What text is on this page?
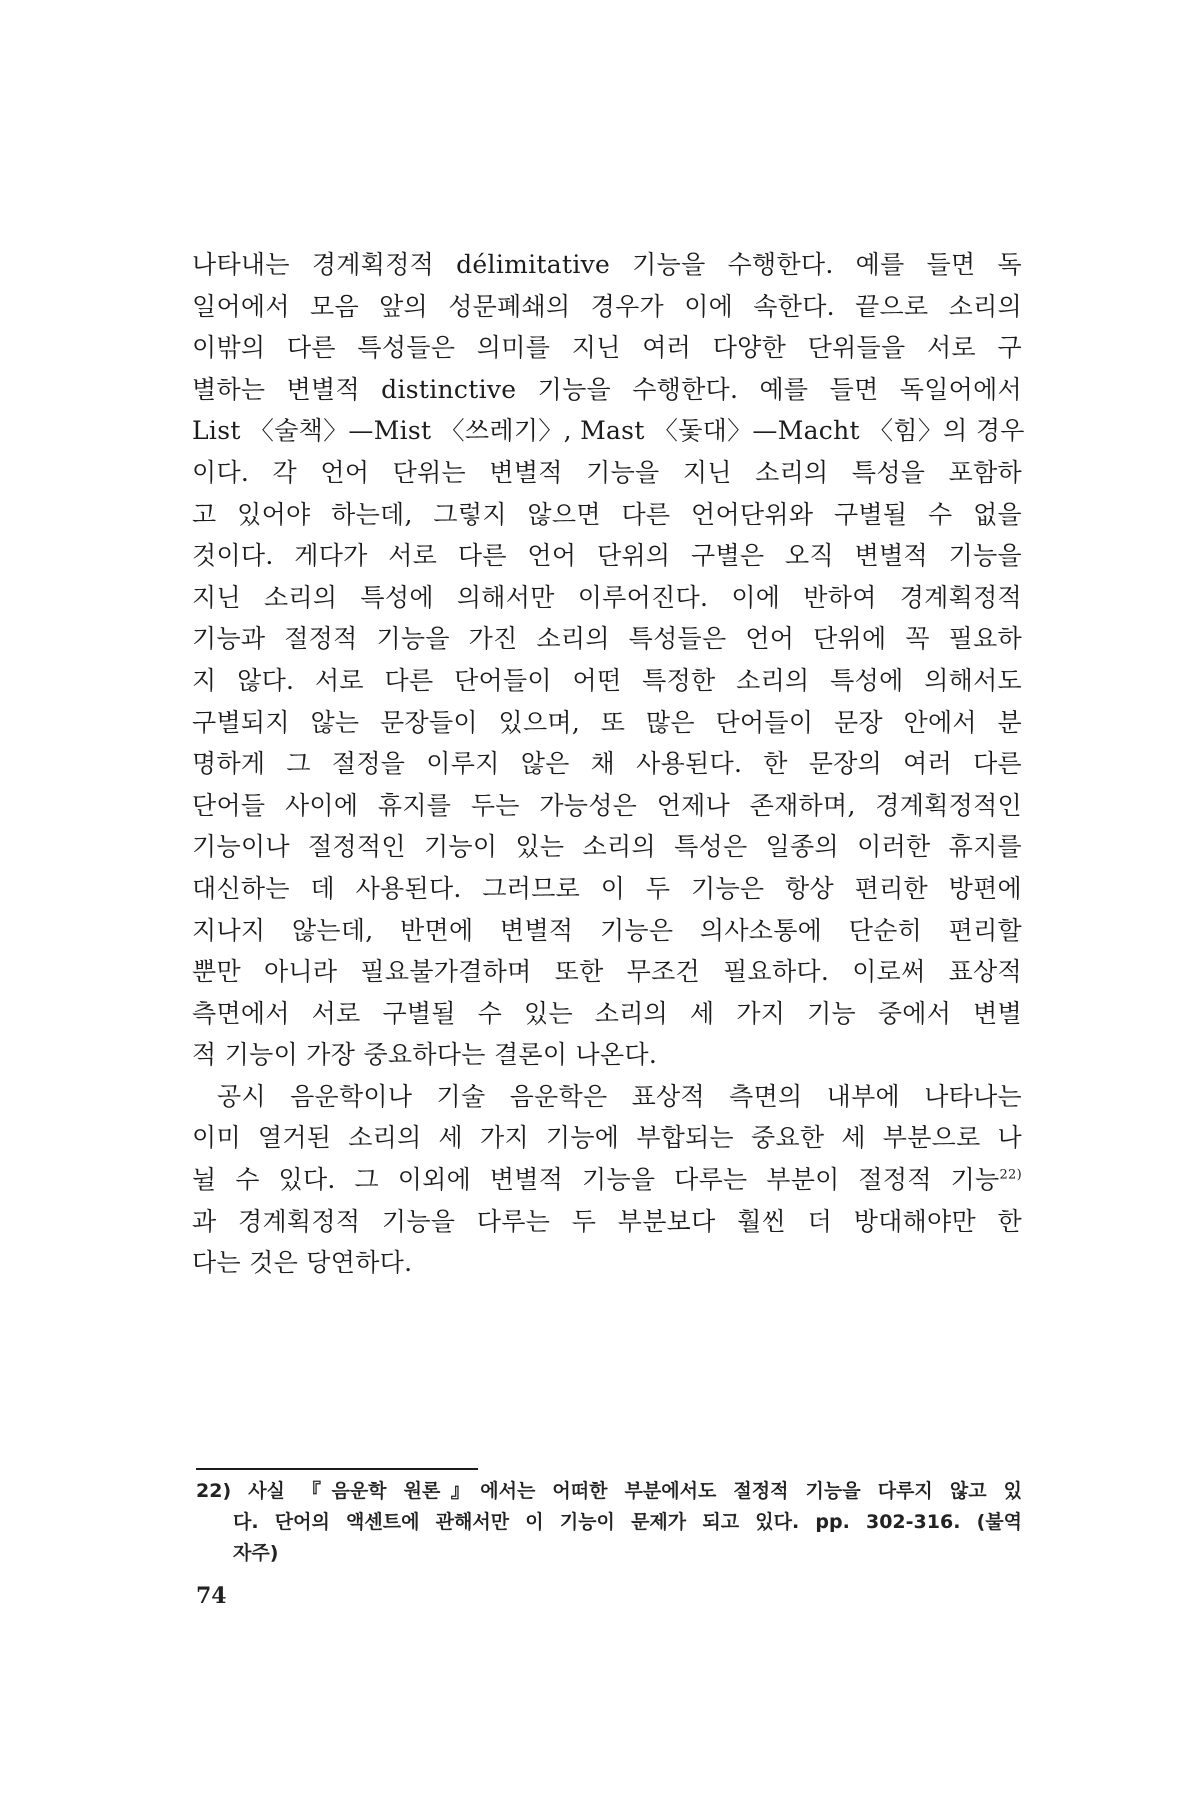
나타내는 경계획정적 délimitative 기능을 수행한다. 예를 들면 독
일어에서 모음 앞의 성문폐쇄의 경우가 이에 속한다. 끝으로 소리의
이밖의 다른 특성들은 의미를 지닌 여러 다양한 단위들을 서로 구
별하는 변별적 distinctive 기능을 수행한다. 예를 들면 독일어에서
List 〈술책〉—Mist 〈쓰레기〉, Mast 〈돛대〉—Macht 〈힘〉의 경우
이다. 각 언어 단위는 변별적 기능을 지닌 소리의 특성을 포함하
고 있어야 하는데, 그렇지 않으면 다른 언어단위와 구별될 수 없을
것이다. 게다가 서로 다른 언어 단위의 구별은 오직 변별적 기능을
지닌 소리의 특성에 의해서만 이루어진다. 이에 반하여 경계획정적
기능과 절정적 기능을 가진 소리의 특성들은 언어 단위에 꼭 필요하
지 않다. 서로 다른 단어들이 어떤 특정한 소리의 특성에 의해서도
구별되지 않는 문장들이 있으며, 또 많은 단어들이 문장 안에서 분
명하게 그 절정을 이루지 않은 채 사용된다. 한 문장의 여러 다른
단어들 사이에 휴지를 두는 가능성은 언제나 존재하며, 경계획정적인
기능이나 절정적인 기능이 있는 소리의 특성은 일종의 이러한 휴지를
대신하는 데 사용된다. 그러므로 이 두 기능은 항상 편리한 방편에
지나지 않는데, 반면에 변별적 기능은 의사소통에 단순히 편리할
뿐만 아니라 필요불가결하며 또한 무조건 필요하다. 이로써 표상적
측면에서 서로 구별될 수 있는 소리의 세 가지 기능 중에서 변별
적 기능이 가장 중요하다는 결론이 나온다.

공시 음운학이나 기술 음운학은 표상적 측면의 내부에 나타나는
이미 열거된 소리의 세 가지 기능에 부합되는 중요한 세 부분으로 나
뉠 수 있다. 그 이외에 변별적 기능을 다루는 부분이 절정적 기능$^{22)}$
과 경계획정적 기능을 다루는 두 부분보다 훨씬 더 방대해야만 한
다는 것은 당연하다.

22) 사실 『음운학 원론』에서는 어떠한 부분에서도 절정적 기능을 다루지 않고 있
다. 단어의 액센트에 관해서만 이 기능이 문제가 되고 있다. pp. 302-316. (불역
자주)
74
